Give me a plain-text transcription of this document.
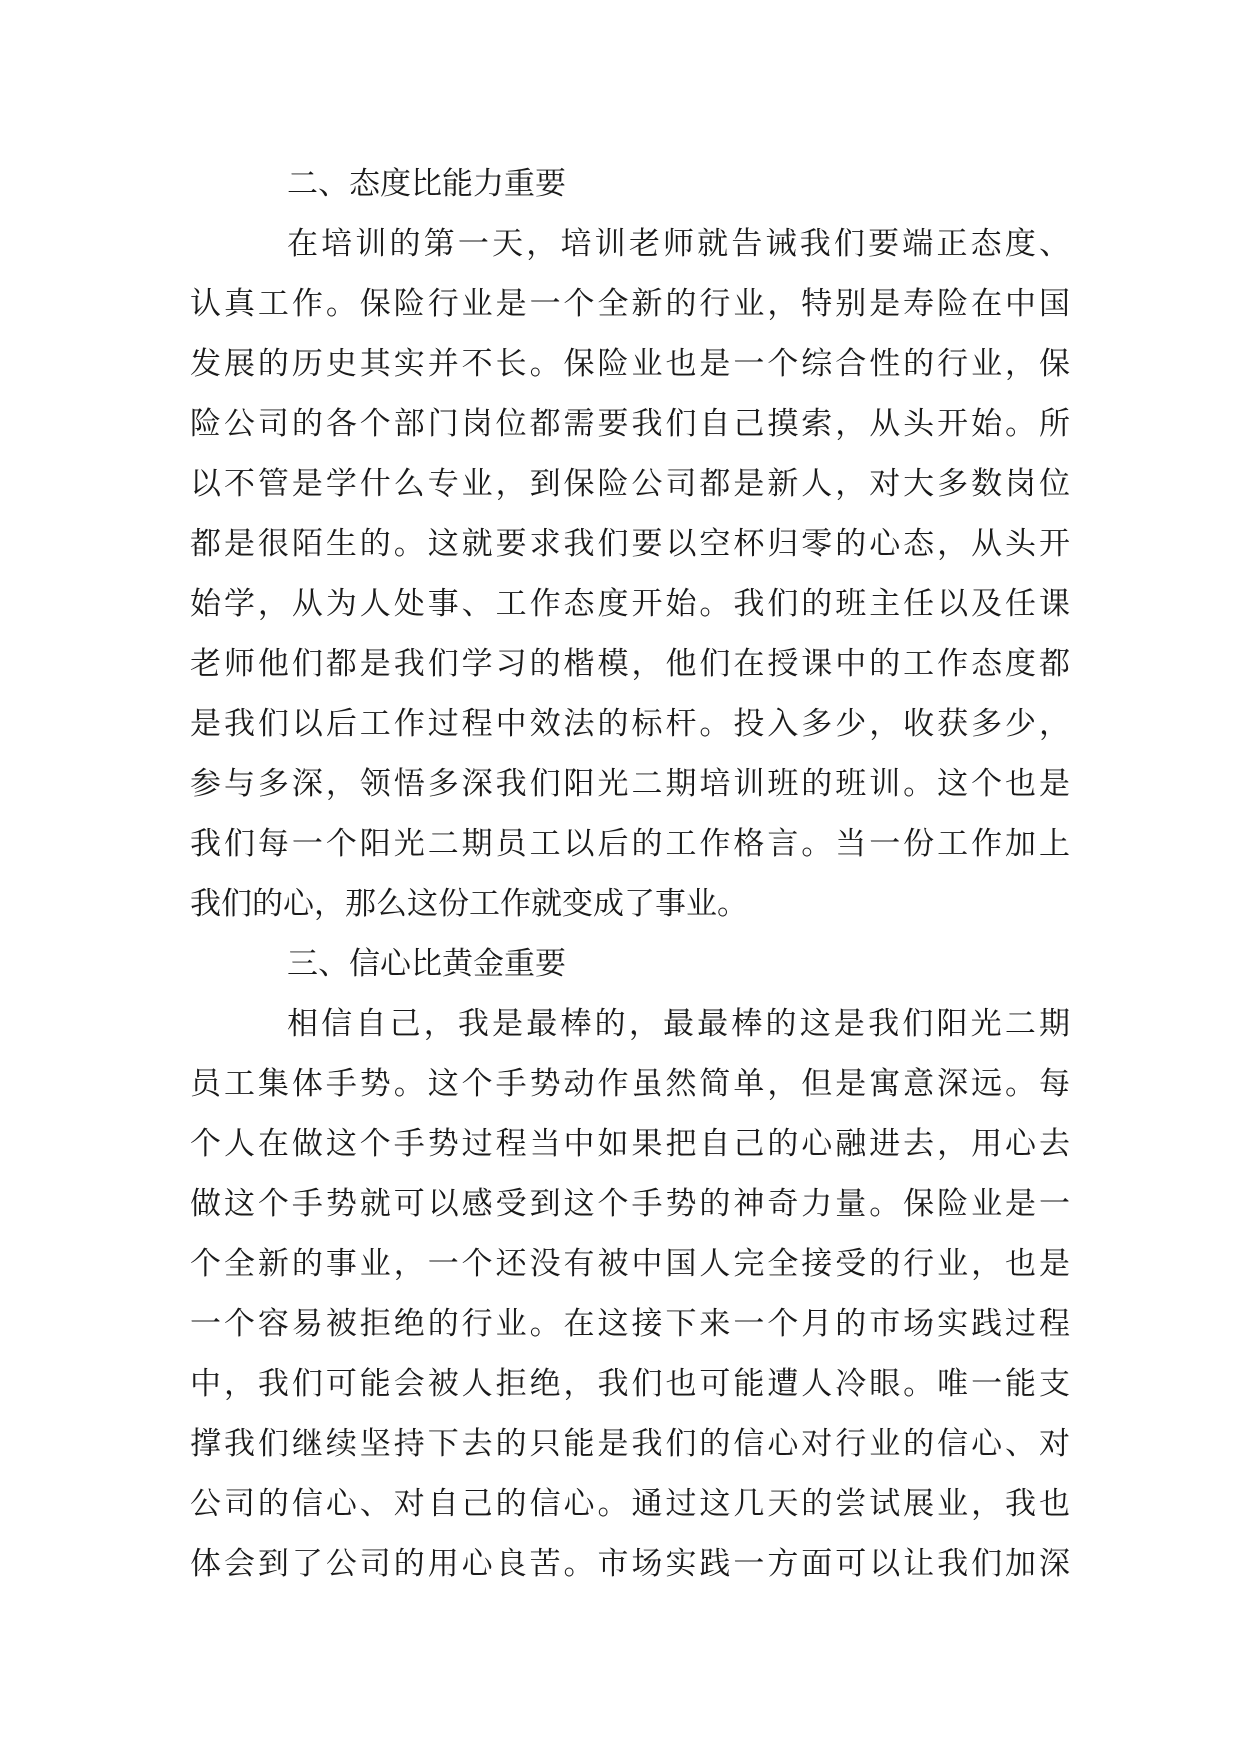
二、态度比能力重要
在培训的第一天，培训老师就告诫我们要端正态度、
认真工作。保险行业是一个全新的行业，特别是寿险在中国
发展的历史其实并不长。保险业也是一个综合性的行业，保
险公司的各个部门岗位都需要我们自己摸索，从头开始。所
以不管是学什么专业，到保险公司都是新人，对大多数岗位
都是很陌生的。这就要求我们要以空杯归零的心态，从头开
始学，从为人处事、工作态度开始。我们的班主任以及任课
老师他们都是我们学习的楷模，他们在授课中的工作态度都
是我们以后工作过程中效法的标杆。投入多少，收获多少，
参与多深，领悟多深我们阳光二期培训班的班训。这个也是
我们每一个阳光二期员工以后的工作格言。当一份工作加上
我们的心，那么这份工作就变成了事业。
三、信心比黄金重要
相信自己，我是最棒的，最最棒的这是我们阳光二期
员工集体手势。这个手势动作虽然简单，但是寓意深远。每
个人在做这个手势过程当中如果把自己的心融进去，用心去
做这个手势就可以感受到这个手势的神奇力量。保险业是一
个全新的事业，一个还没有被中国人完全接受的行业，也是
一个容易被拒绝的行业。在这接下来一个月的市场实践过程
中，我们可能会被人拒绝，我们也可能遭人冷眼。唯一能支
撑我们继续坚持下去的只能是我们的信心对行业的信心、对
公司的信心、对自己的信心。通过这几天的尝试展业，我也
体会到了公司的用心良苦。市场实践一方面可以让我们加深
